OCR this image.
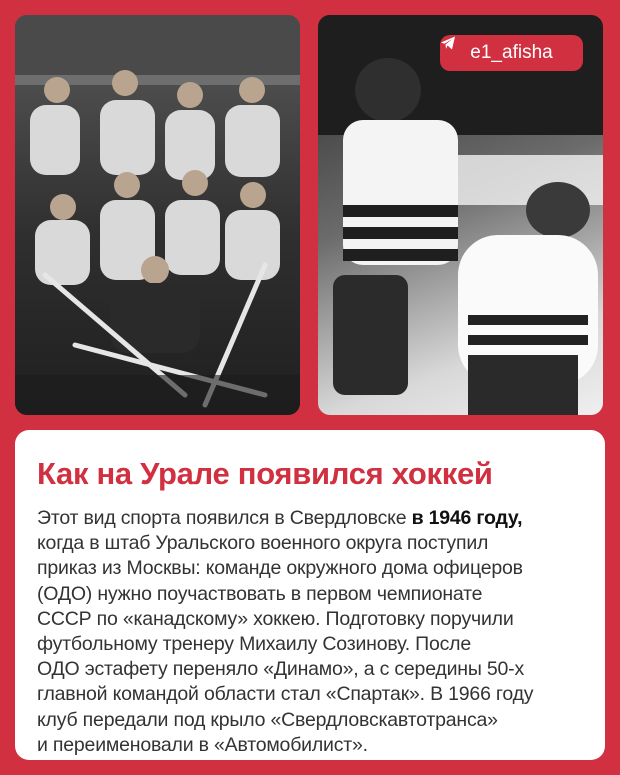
e1_afisha
Как на Урале появился хоккей

Этот вид спорта появился в Свердловске в 1946 году,
когда в штаб Уральского военного округа поступил
приказ из Москвы: команде окружного дома офицеров
(ОДО) нужно поучаствовать в первом чемпионате
СССР по «канадскому» хоккею. Подготовку поручили
футбольному тренеру Михаилу Созинову. После
ОДО эстафету переняло «Динамо», а с середины 50-х
главной командой области стал «Спартак». В 1966 году
клуб передали под крыло «Свердловскавтотранса»
и переименовали в «Автомобилист».
